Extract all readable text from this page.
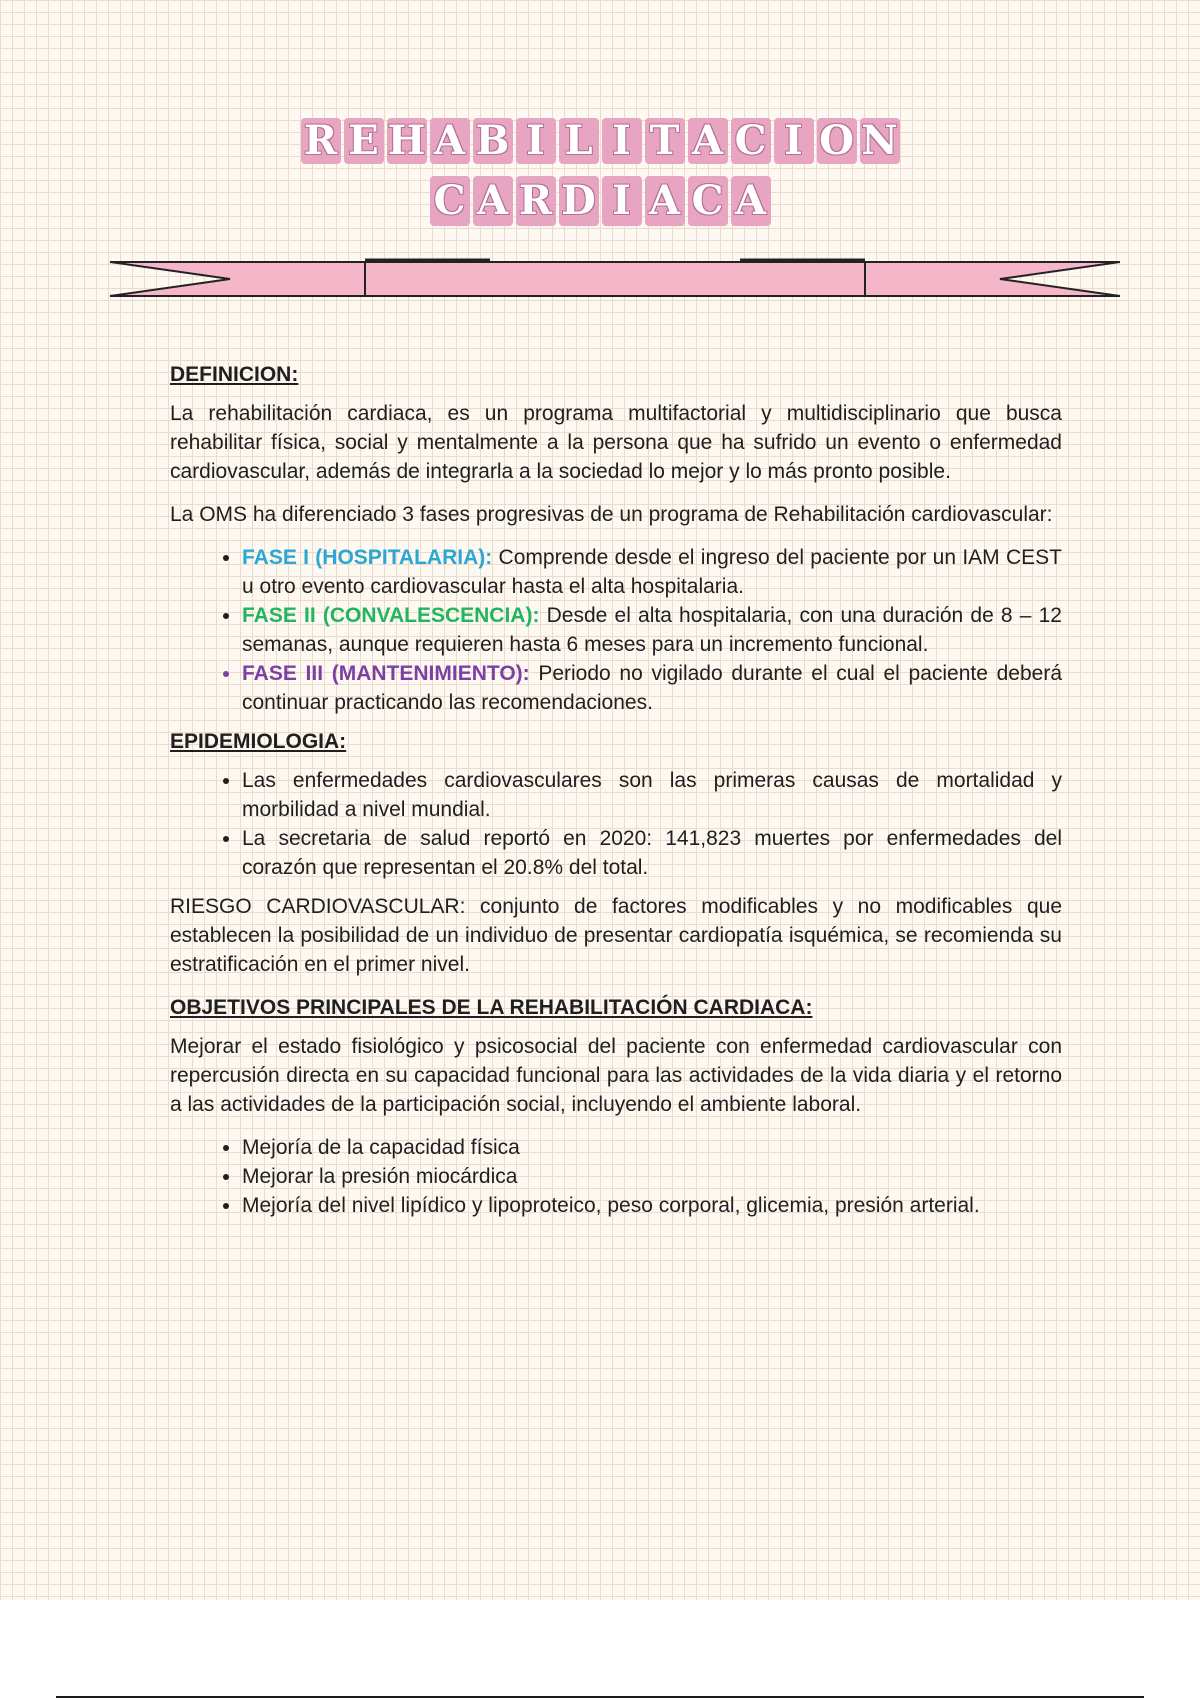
R E H A B I L I T A C I O N
C A R D I A C A
DEFINICION:

La rehabilitación cardiaca, es un programa multifactorial y multidisciplinario que busca rehabilitar física, social y mentalmente a la persona que ha sufrido un evento o enfermedad cardiovascular, además de integrarla a la sociedad lo mejor y lo más pronto posible.

La OMS ha diferenciado 3 fases progresivas de un programa de Rehabilitación cardiovascular:

• FASE I (HOSPITALARIA): Comprende desde el ingreso del paciente por un IAM CEST u otro evento cardiovascular hasta el alta hospitalaria.
• FASE II (CONVALESCENCIA): Desde el alta hospitalaria, con una duración de 8 – 12 semanas, aunque requieren hasta 6 meses para un incremento funcional.
• FASE III (MANTENIMIENTO): Periodo no vigilado durante el cual el paciente deberá continuar practicando las recomendaciones.
EPIDEMIOLOGIA:
• Las enfermedades cardiovasculares son las primeras causas de mortalidad y morbilidad a nivel mundial.
• La secretaria de salud reportó en 2020: 141,823 muertes por enfermedades del corazón que representan el 20.8% del total.

RIESGO CARDIOVASCULAR: conjunto de factores modificables y no modificables que establecen la posibilidad de un individuo de presentar cardiopatía isquémica, se recomienda su estratificación en el primer nivel.

OBJETIVOS PRINCIPALES DE LA REHABILITACIÓN CARDIACA:

Mejorar el estado fisiológico y psicosocial del paciente con enfermedad cardiovascular con repercusión directa en su capacidad funcional para las actividades de la vida diaria y el retorno a las actividades de la participación social, incluyendo el ambiente laboral.

• Mejoría de la capacidad física
• Mejorar la presión miocárdica
• Mejoría del nivel lipídico y lipoproteico, peso corporal, glicemia, presión arterial.
